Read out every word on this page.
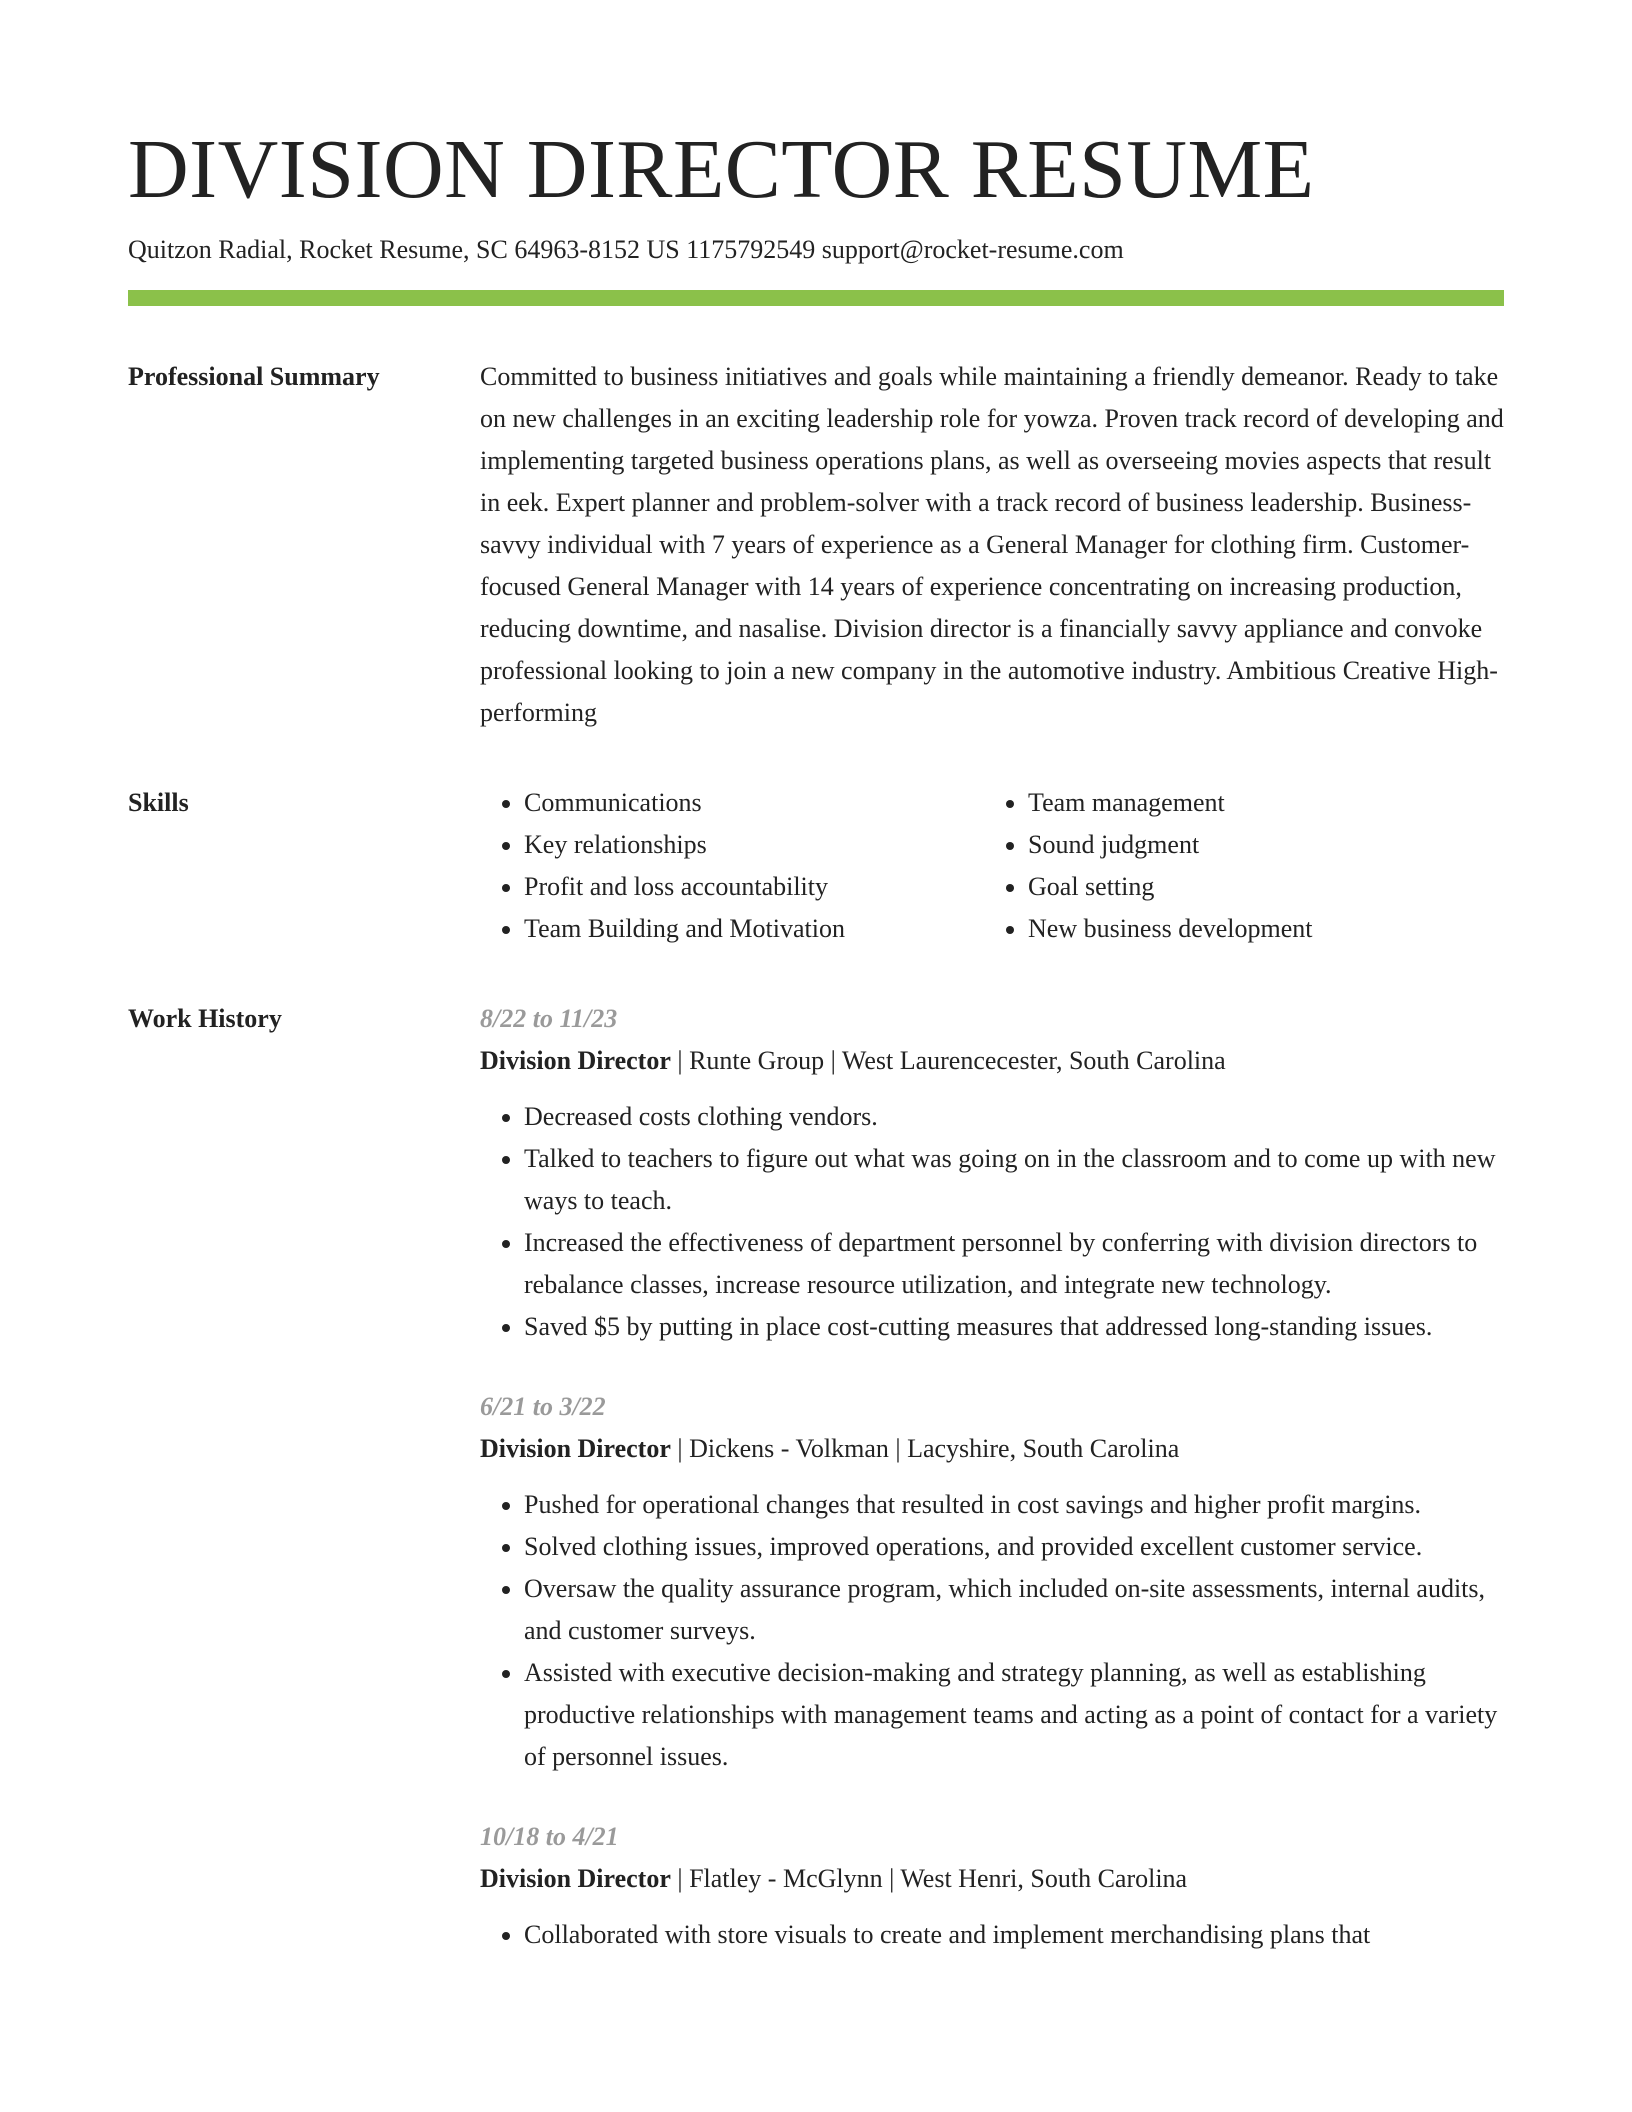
DIVISION DIRECTOR RESUME
Quitzon Radial, Rocket Resume, SC 64963-8152 US 1175792549 support@rocket-resume.com
Professional Summary	Committed to business initiatives and goals while maintaining a friendly demeanor. Ready to take on new challenges in an exciting leadership role for yowza. Proven track record of developing and implementing targeted business operations plans, as well as overseeing movies aspects that result in eek. Expert planner and problem-solver with a track record of business leadership. Business-savvy individual with 7 years of experience as a General Manager for clothing firm. Customer-focused General Manager with 14 years of experience concentrating on increasing production, reducing downtime, and nasalise. Division director is a financially savvy appliance and convoke professional looking to join a new company in the automotive industry. Ambitious Creative High-performing

Skills
•	Communications
• Key relationships
• Profit and loss accountability
• Team Building and Motivation
• Team management
• Sound judgment
• Goal setting
• New business development
Work History	8/22 to 11/23
Division Director | Runte Group | West Laurencecester, South Carolina
• Decreased costs clothing vendors.
• Talked to teachers to figure out what was going on in the classroom and to come up with new ways to teach.
• Increased the effectiveness of department personnel by conferring with division directors to rebalance classes, increase resource utilization, and integrate new technology.
• Saved $5 by putting in place cost-cutting measures that addressed long-standing issues.
6/21 to 3/22
Division Director | Dickens - Volkman | Lacyshire, South Carolina
• Pushed for operational changes that resulted in cost savings and higher profit margins.
• Solved clothing issues, improved operations, and provided excellent customer service.
• Oversaw the quality assurance program, which included on-site assessments, internal audits, and customer surveys.
• Assisted with executive decision-making and strategy planning, as well as establishing productive relationships with management teams and acting as a point of contact for a variety of personnel issues.
10/18 to 4/21
Division Director | Flatley - McGlynn | West Henri, South Carolina
• Collaborated with store visuals to create and implement merchandising plans that
